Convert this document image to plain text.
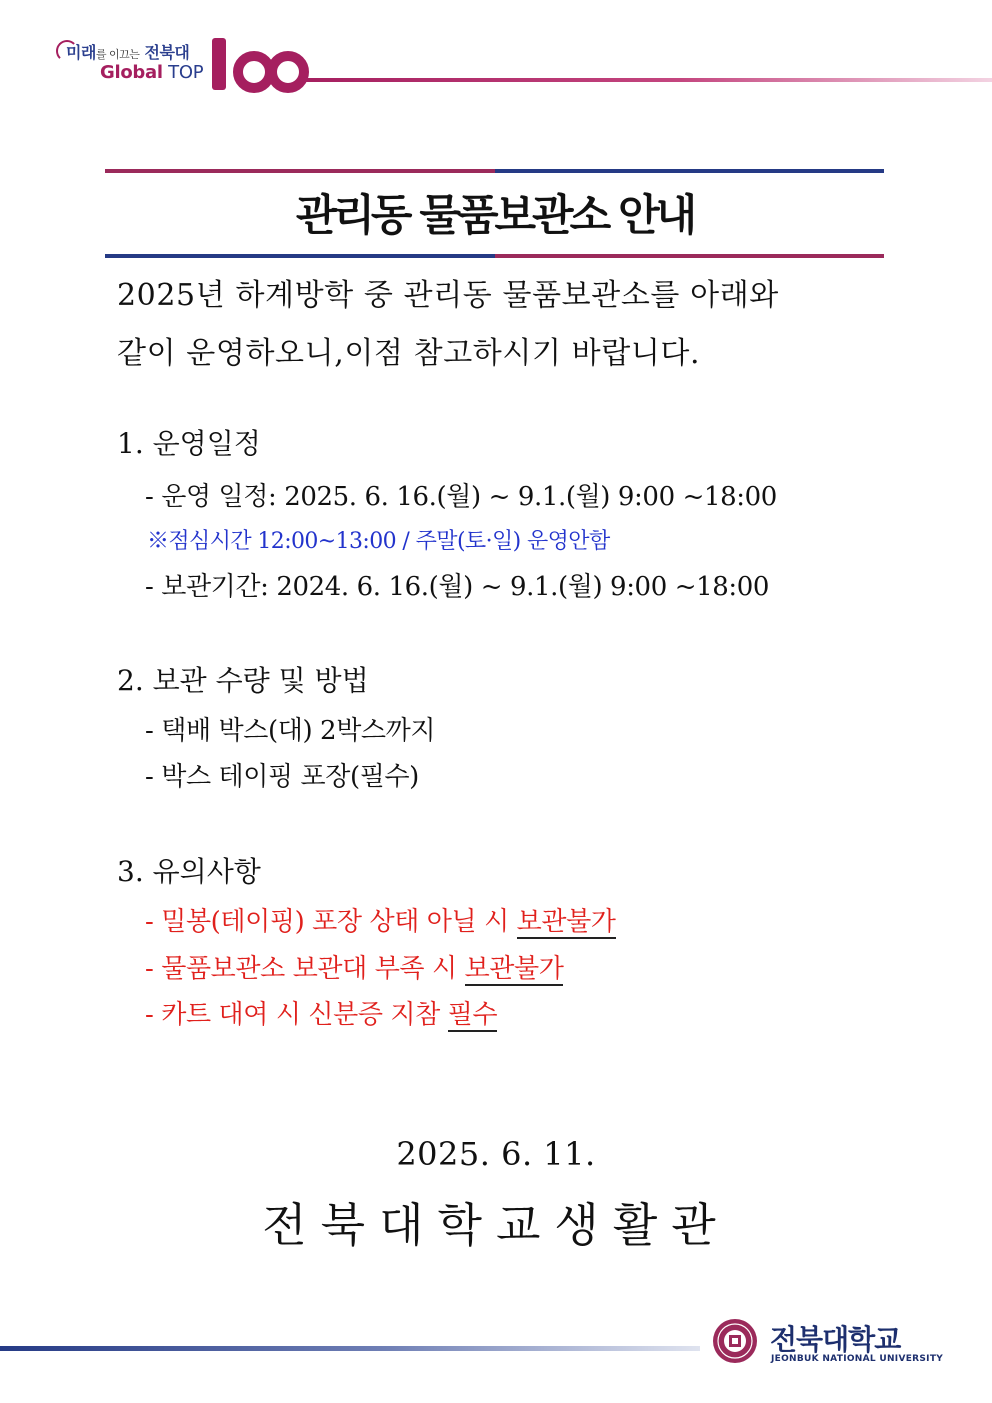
미래를 이끄는 전북대
Global TOP
관리동 물품보관소 안내
2025년 하계방학 중 관리동 물품보관소를 아래와
같이 운영하오니,이점 참고하시기 바랍니다.
1. 운영일정
- 운영 일정: 2025. 6. 16.(월) ~ 9.1.(월) 9:00 ~18:00
※점심시간 12:00~13:00 / 주말(토·일) 운영안함
- 보관기간: 2024. 6. 16.(월) ~ 9.1.(월) 9:00 ~18:00
2. 보관 수량 및 방법
- 택배 박스(대) 2박스까지
- 박스 테이핑 포장(필수)
3. 유의사항
- 밀봉(테이핑) 포장 상태 아닐 시 보관불가
- 물품보관소 보관대 부족 시 보관불가
- 카트 대여 시 신분증 지참 필수
2025. 6. 11.
전북대학교생활관
전북대학교
JEONBUK NATIONAL UNIVERSITY
